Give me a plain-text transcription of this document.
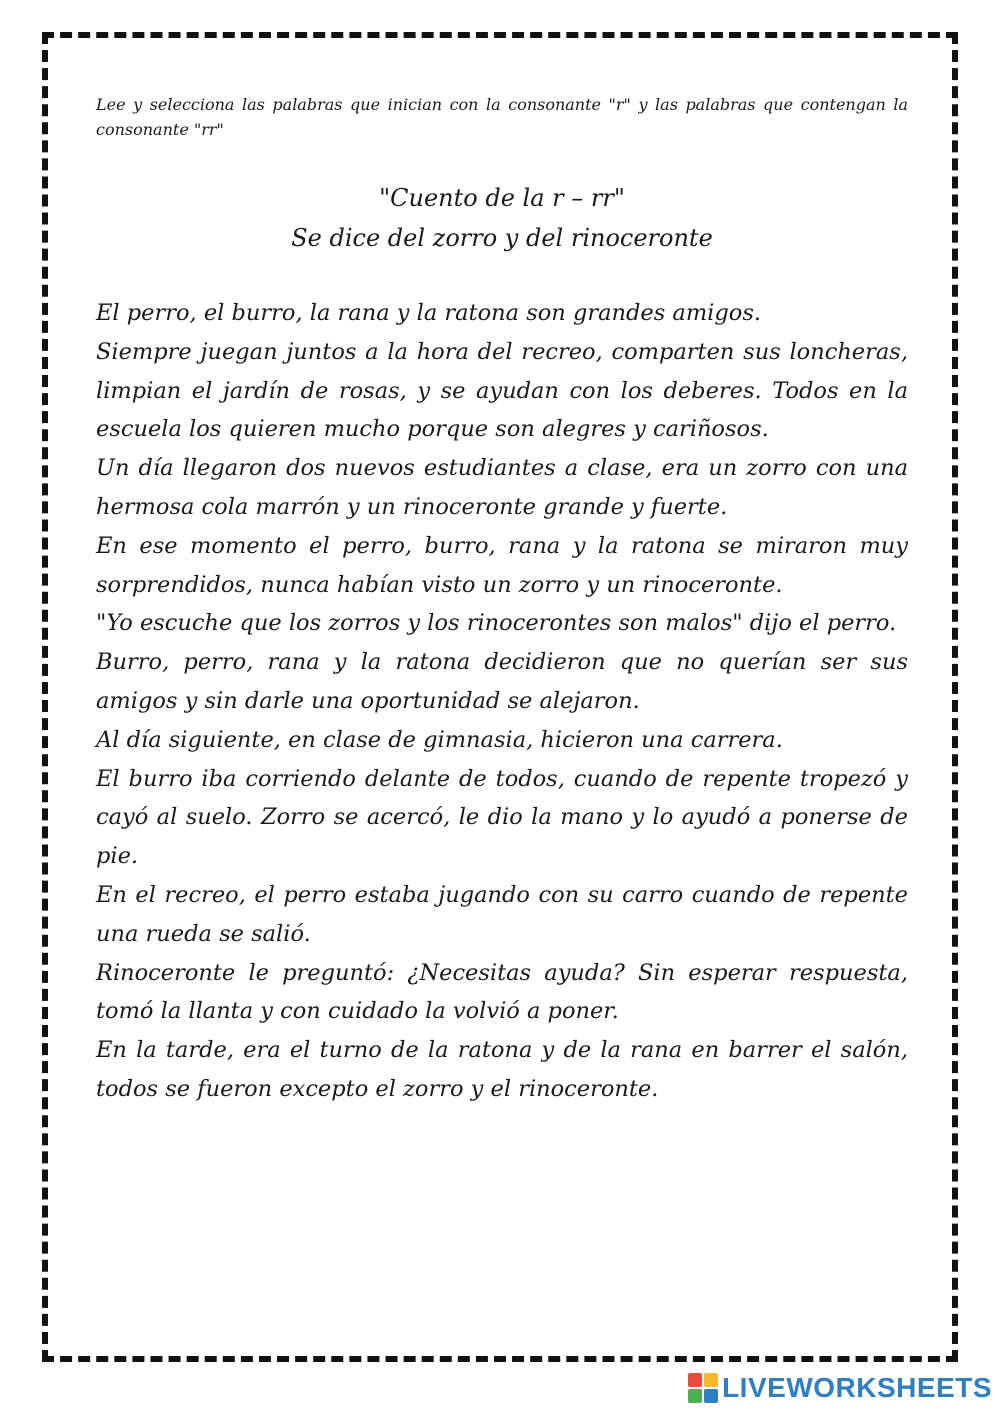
Lee y selecciona las palabras que inician con la consonante "r" y las palabras que contengan la consonante "rr"
"Cuento de la r – rr"
Se dice del zorro y del rinoceronte

El perro, el burro, la rana y la ratona son grandes amigos.

Siempre juegan juntos a la hora del recreo, comparten sus loncheras, limpian el jardín de rosas, y se ayudan con los deberes. Todos en la escuela los quieren mucho porque son alegres y cariñosos.

Un día llegaron dos nuevos estudiantes a clase, era un zorro con una hermosa cola marrón y un rinoceronte grande y fuerte.

En ese momento el perro, burro, rana y la ratona se miraron muy sorprendidos, nunca habían visto un zorro y un rinoceronte.

"Yo escuche que los zorros y los rinocerontes son malos" dijo el perro.

Burro, perro, rana y la ratona decidieron que no querían ser sus amigos y sin darle una oportunidad se alejaron.

Al día siguiente, en clase de gimnasia, hicieron una carrera.

El burro iba corriendo delante de todos, cuando de repente tropezó y cayó al suelo. Zorro se acercó, le dio la mano y lo ayudó a ponerse de pie.

En el recreo, el perro estaba jugando con su carro cuando de repente una rueda se salió.

Rinoceronte le preguntó: ¿Necesitas ayuda? Sin esperar respuesta, tomó la llanta y con cuidado la volvió a poner.

En la tarde, era el turno de la ratona y de la rana en barrer el salón, todos se fueron excepto el zorro y el rinoceronte.

LIVEWORKSHEETS
